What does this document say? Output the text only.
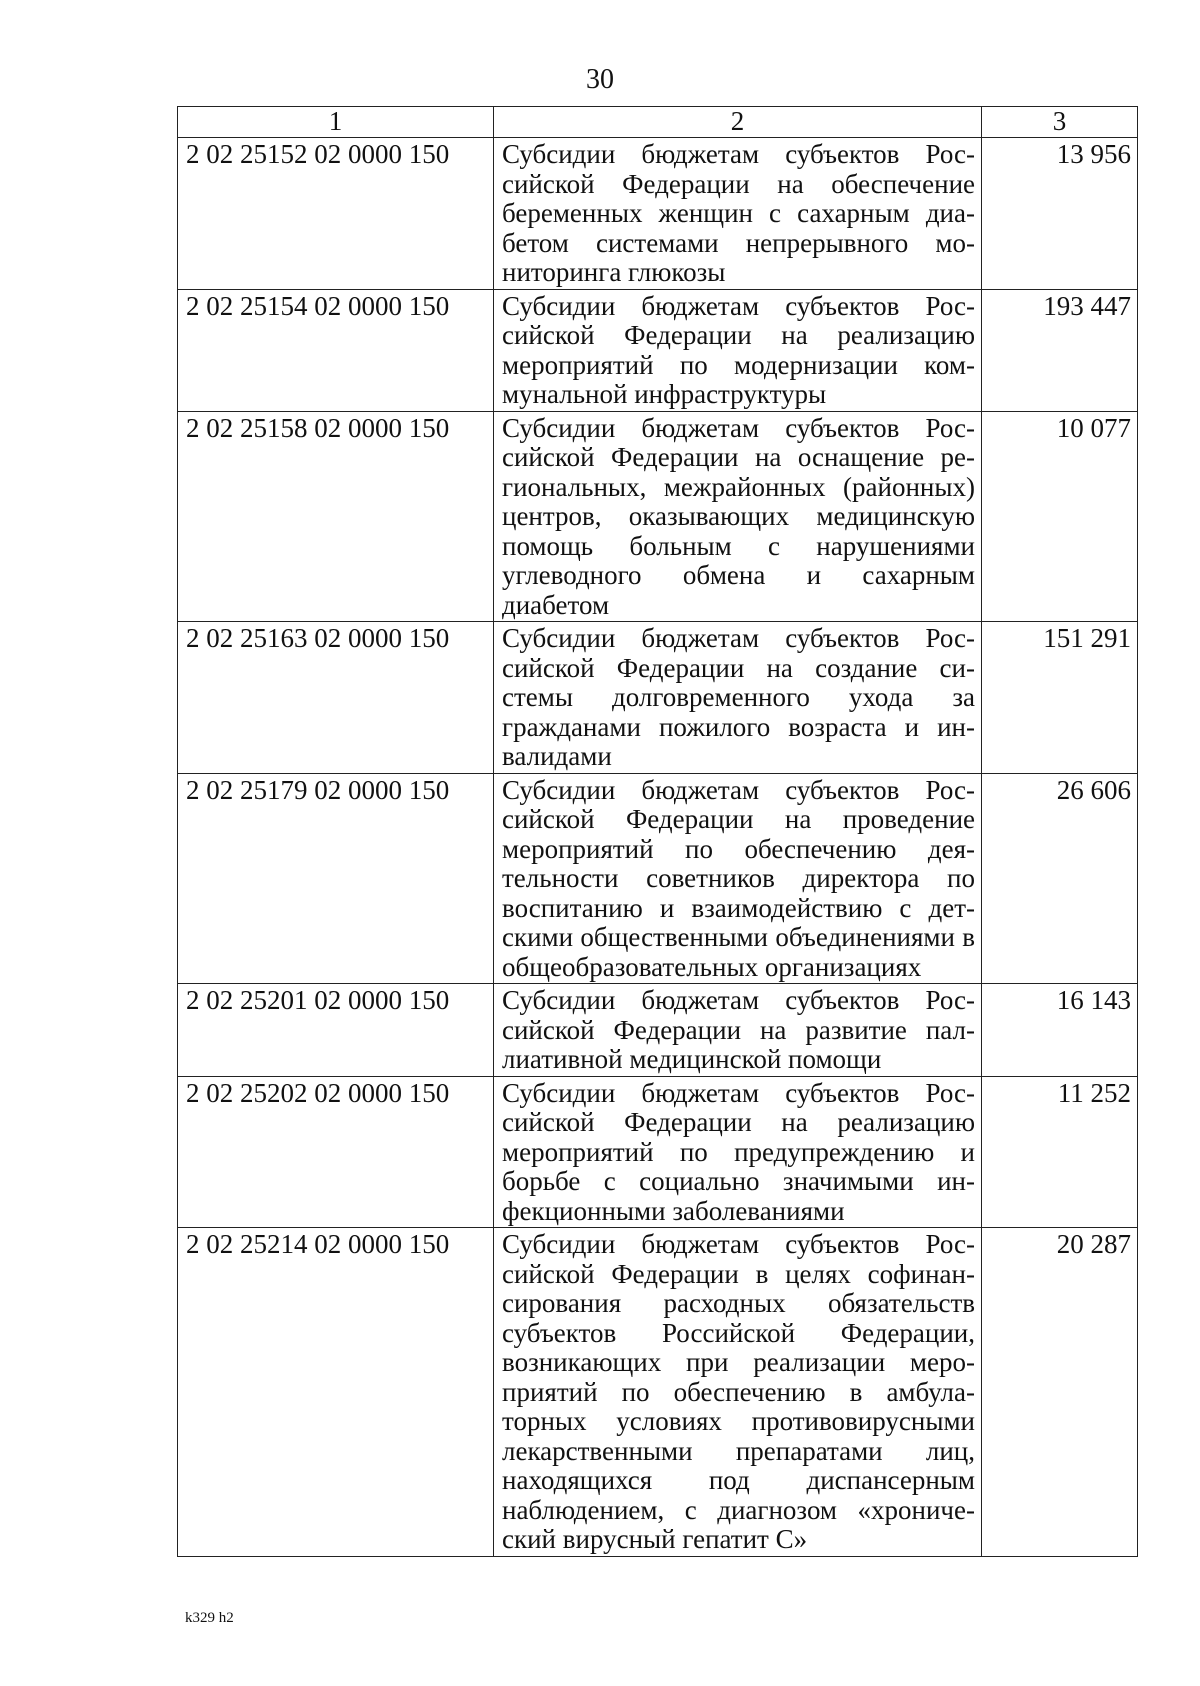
30
1	2	3
2 02 25152 02 0000 150	Субсидии бюджетам субъектов Российской Федерации на обеспечение беременных женщин с сахарным диабетом системами непрерывного мониторинга глюкозы	13 956
2 02 25154 02 0000 150	Субсидии бюджетам субъектов Российской Федерации на реализацию мероприятий по модернизации коммунальной инфраструктуры	193 447
2 02 25158 02 0000 150	Субсидии бюджетам субъектов Российской Федерации на оснащение региональных, межрайонных (районных) центров, оказывающих медицинскую помощь больным с нарушениями углеводного обмена и сахарным диабетом	10 077
2 02 25163 02 0000 150	Субсидии бюджетам субъектов Российской Федерации на создание системы долговременного ухода за гражданами пожилого возраста и инвалидами	151 291
2 02 25179 02 0000 150	Субсидии бюджетам субъектов Российской Федерации на проведение мероприятий по обеспечению деятельности советников директора по воспитанию и взаимодействию с детскими общественными объединениями в общеобразовательных организациях	26 606
2 02 25201 02 0000 150	Субсидии бюджетам субъектов Российской Федерации на развитие паллиативной медицинской помощи	16 143
2 02 25202 02 0000 150	Субсидии бюджетам субъектов Российской Федерации на реализацию мероприятий по предупреждению и борьбе с социально значимыми инфекционными заболеваниями	11 252
2 02 25214 02 0000 150	Субсидии бюджетам субъектов Российской Федерации в целях софинансирования расходных обязательств субъектов Российской Федерации, возникающих при реализации мероприятий по обеспечению в амбулаторных условиях противовирусными лекарственными препаратами лиц, находящихся под диспансерным наблюдением, с диагнозом «хронический вирусный гепатит С»	20 287
k329 h2
